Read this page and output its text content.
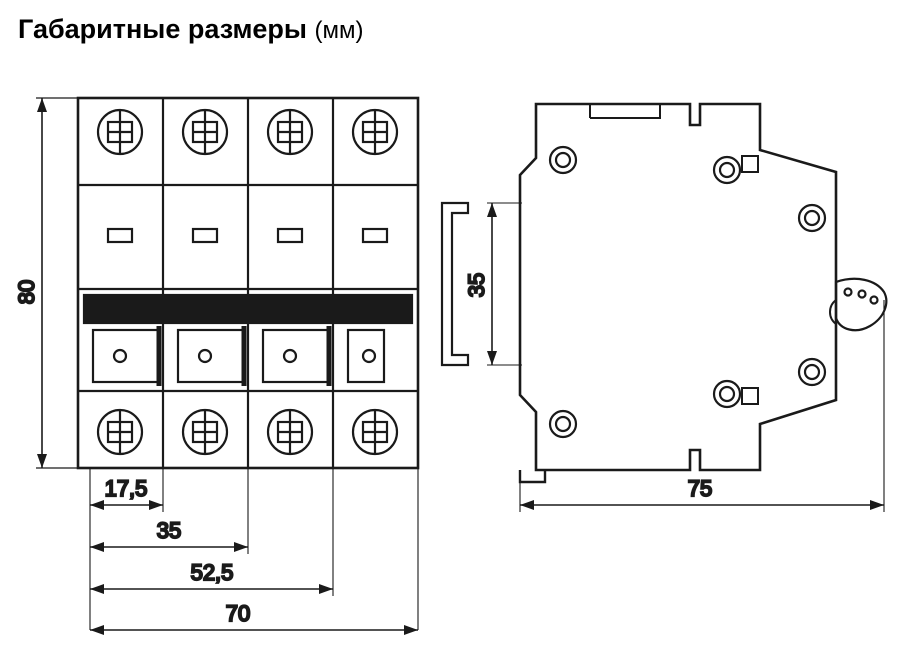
Габаритные размеры (мм)
80
17,5
35
52,5
70
35
75
